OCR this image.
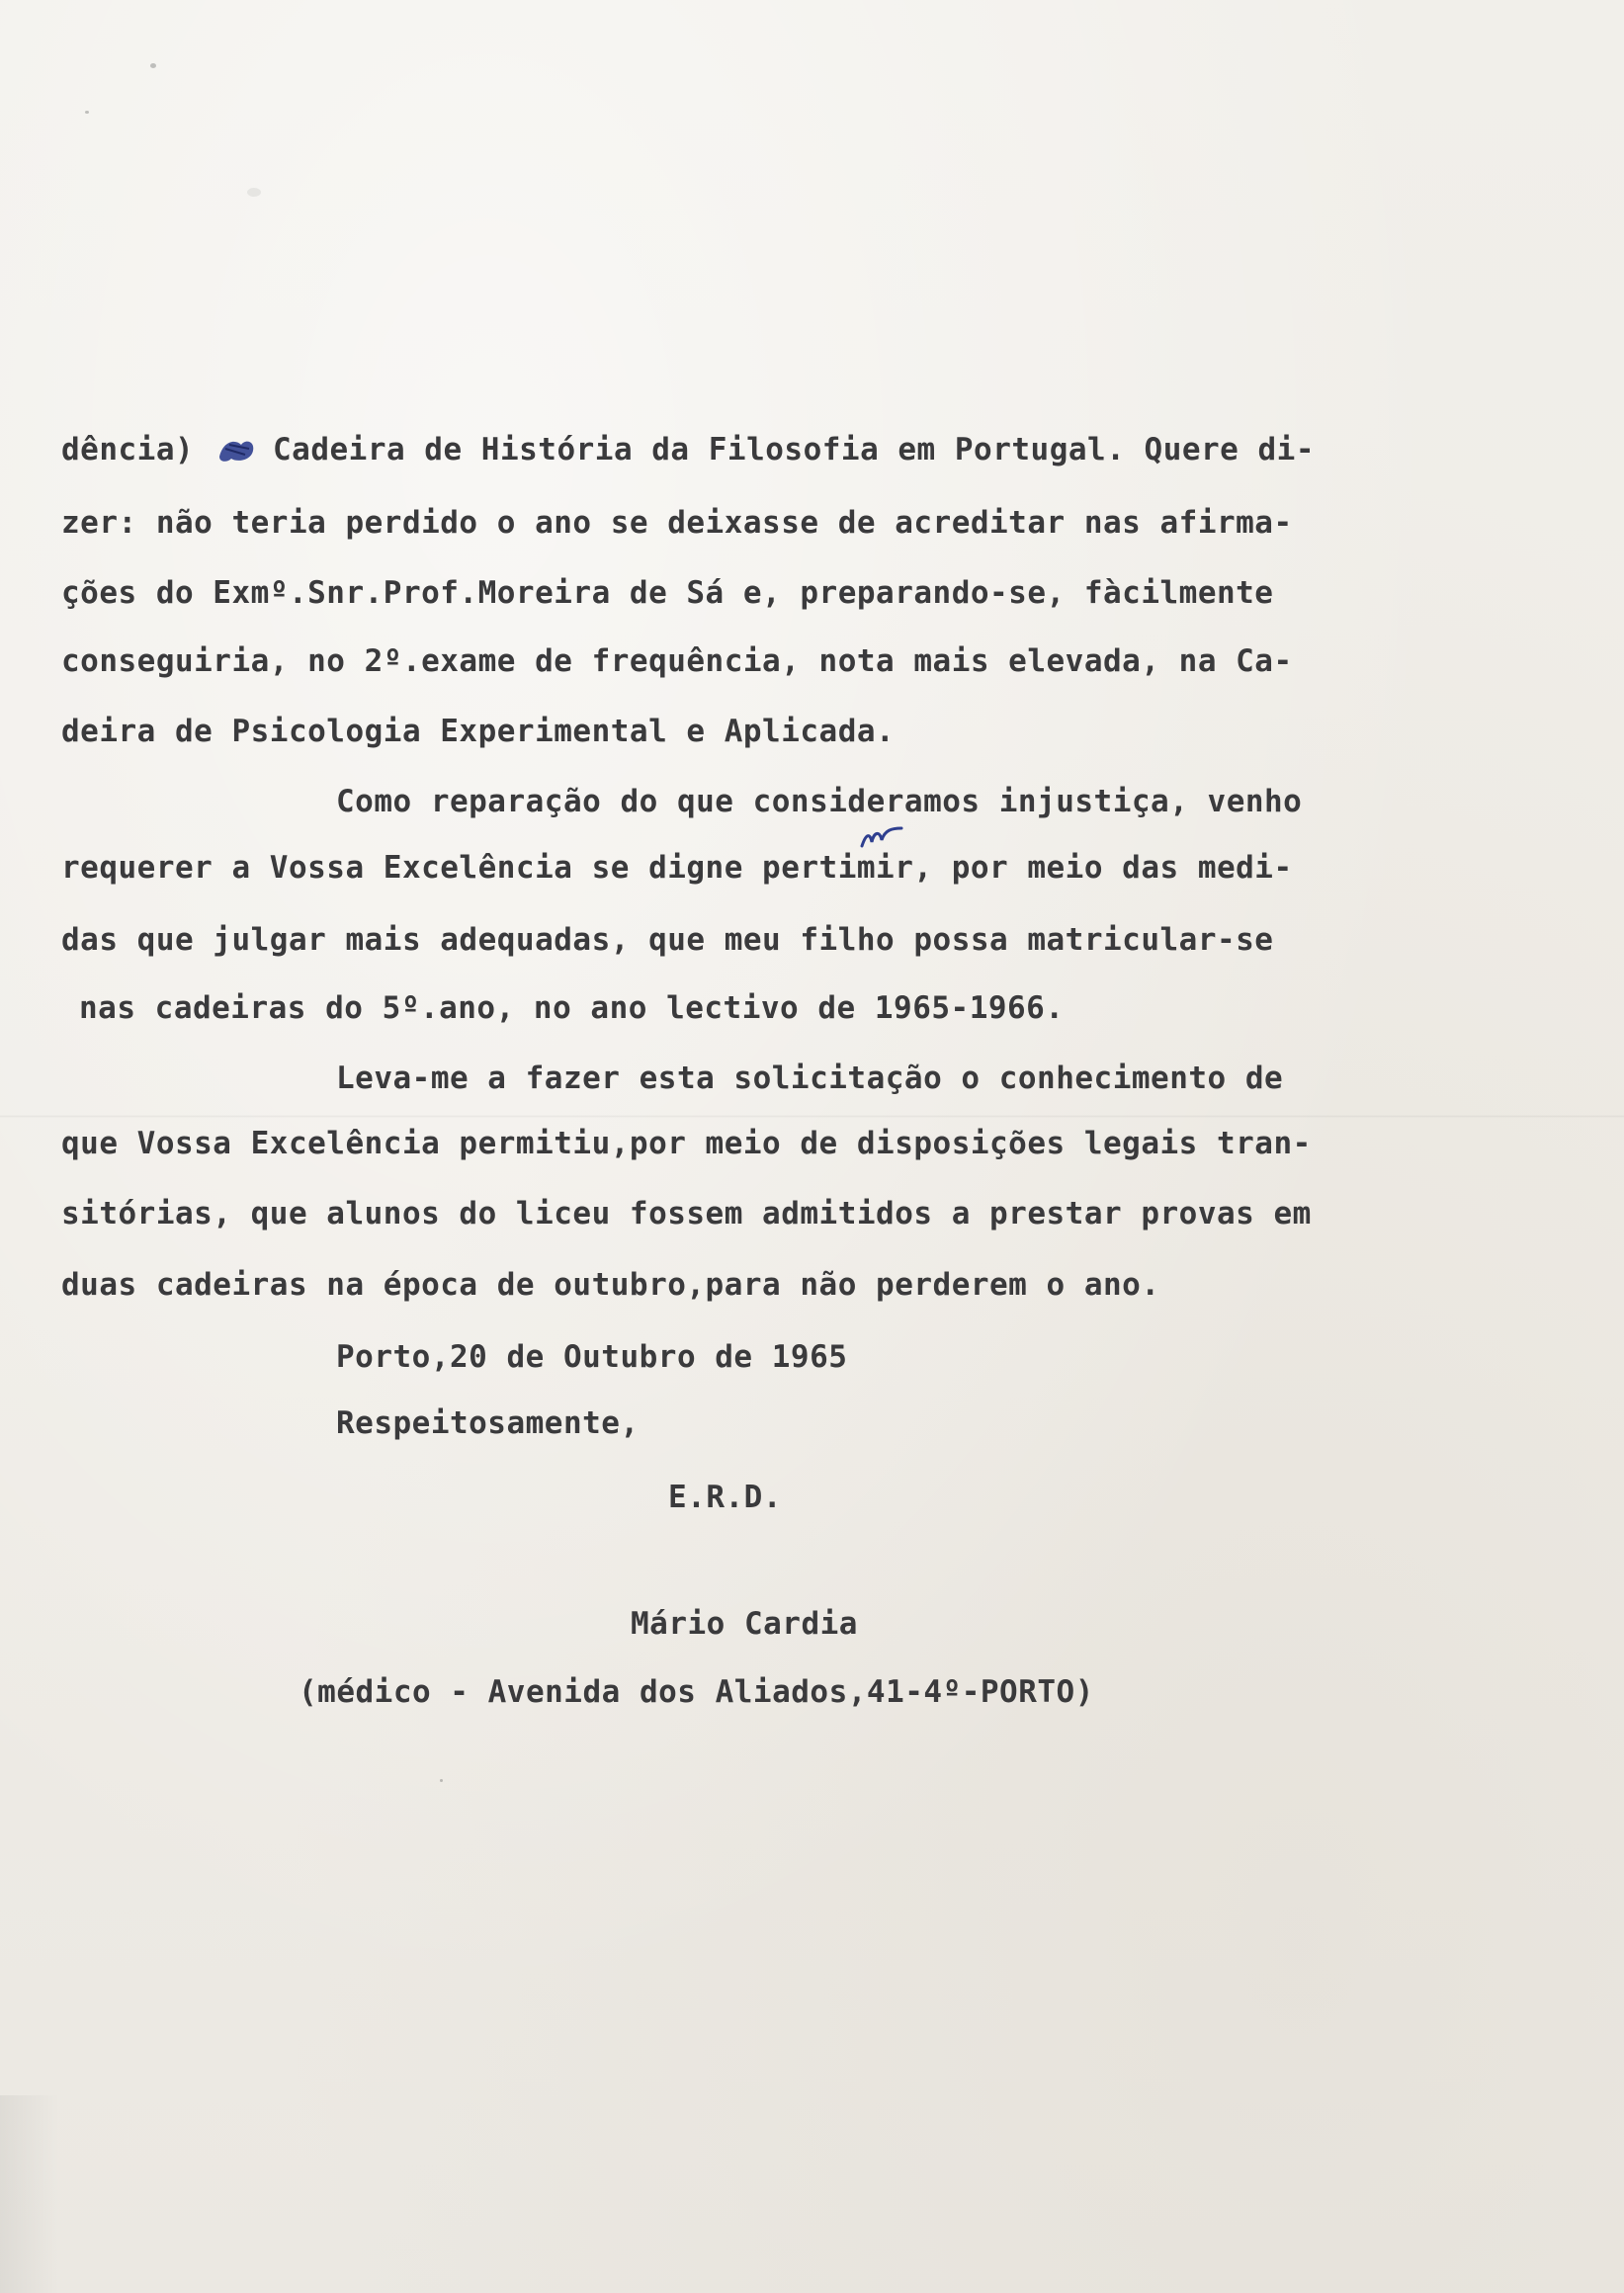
dência)	Cadeira de História da Filosofia em Portugal. Quere di-
zer: não teria perdido o ano se deixasse de acreditar nas afirma-
ções do Exmº.Snr.Prof.Moreira de Sá e, preparando-se, fàcilmente
conseguiria, no 2º.exame de frequência, nota mais elevada, na Ca-
deira de Psicologia Experimental e Aplicada.
Como reparação do que consideramos injustiça, venho
requerer a Vossa Excelência se digne pertimir, por meio das medi-
das que julgar mais adequadas, que meu filho possa matricular-se
nas cadeiras do 5º.ano, no ano lectivo de 1965-1966.
Leva-me a fazer esta solicitação o conhecimento de
que Vossa Excelência permitiu,por meio de disposições legais tran-
sitórias, que alunos do liceu fossem admitidos a prestar provas em
duas cadeiras na época de outubro,para não perderem o ano.
Porto,20 de Outubro de 1965
Respeitosamente,
E.R.D.
Mário Cardia
(médico - Avenida dos Aliados,41-4º-PORTO)
